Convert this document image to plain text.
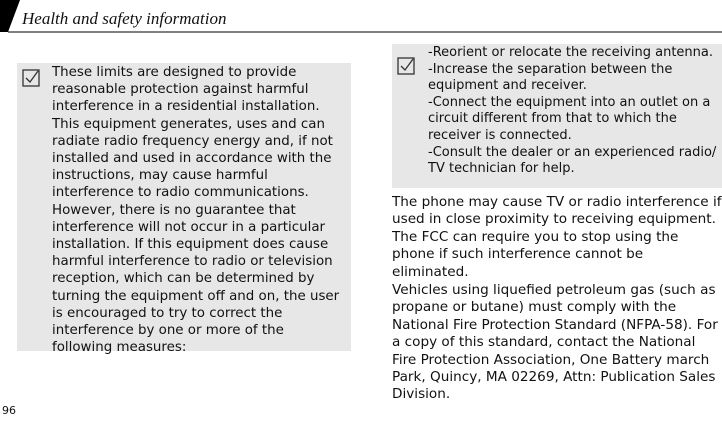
Health and safety information
These limits are designed to provide reasonable protection against harmful interference in a residential installation. This equipment generates, uses and can radiate radio frequency energy and, if not installed and used in accordance with the instructions, may cause harmful interference to radio communications. However, there is no guarantee that interference will not occur in a particular installation. If this equipment does cause harmful interference to radio or television reception, which can be determined by turning the equipment off and on, the user is encouraged to try to correct the interference by one or more of the following measures:
-Reorient or relocate the receiving antenna.
-Increase the separation between the equipment and receiver.
-Connect the equipment into an outlet on a circuit different from that to which the receiver is connected.
-Consult the dealer or an experienced radio/ TV technician for help.
The phone may cause TV or radio interference if used in close proximity to receiving equipment. The FCC can require you to stop using the phone if such interference cannot be eliminated.
Vehicles using liquefied petroleum gas (such as propane or butane) must comply with the National Fire Protection Standard (NFPA-58). For a copy of this standard, contact the National Fire Protection Association, One Battery march Park, Quincy, MA 02269, Attn: Publication Sales Division.
96
